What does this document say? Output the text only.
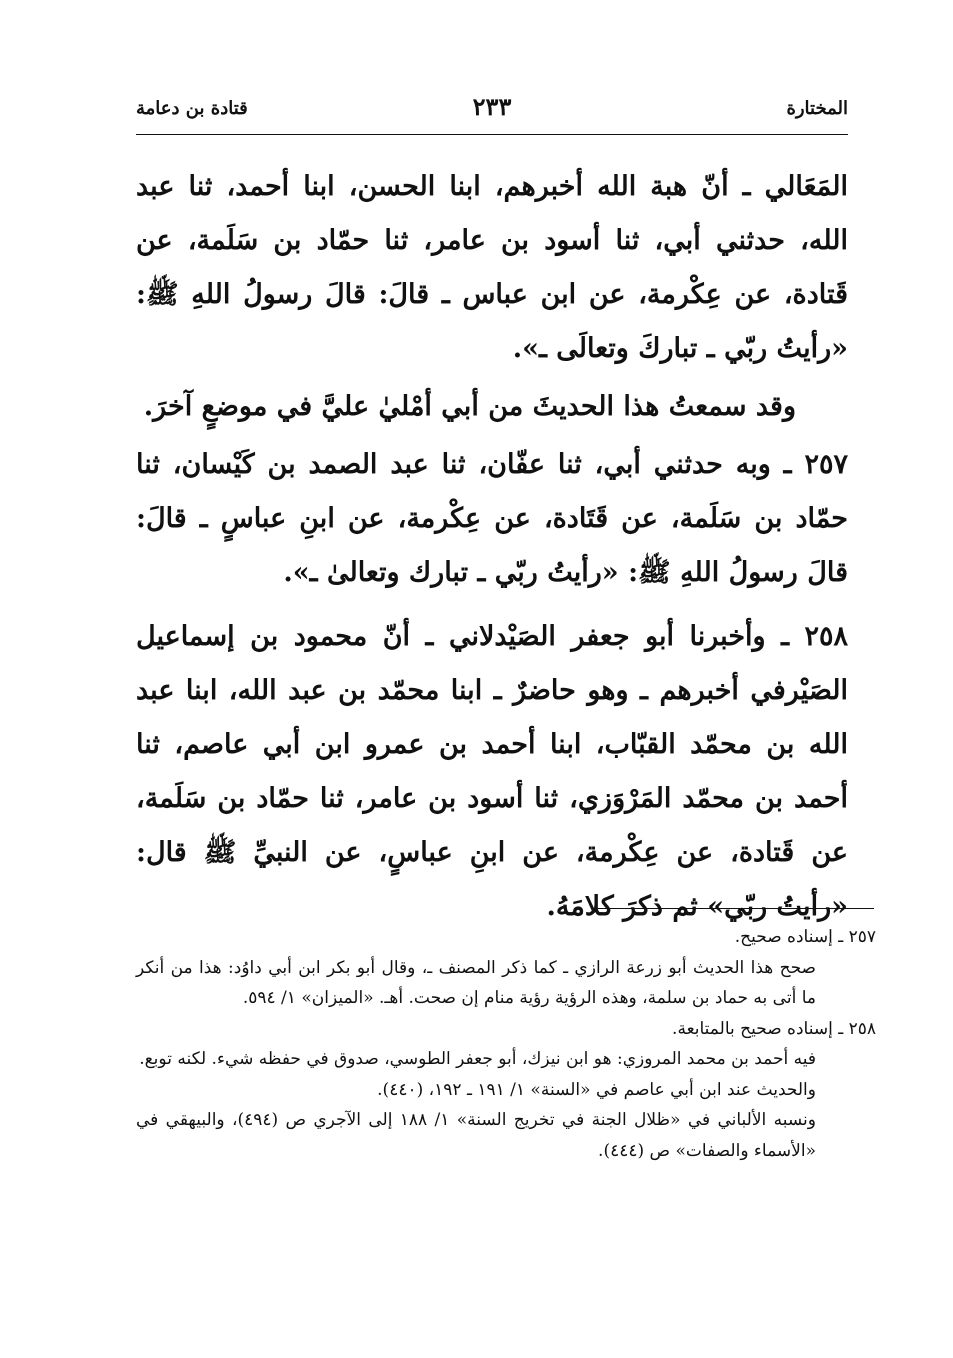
المختارة
٢٣٣
قتادة بن دعامة

المَعَالي ـ أنّ هبة الله أخبرهم، ابنا الحسن، ابنا أحمد، ثنا عبد الله، حدثني أبي، ثنا أسود بن عامر، ثنا حمّاد بن سَلَمة، عن قَتادة، عن عِكْرمة، عن ابن عباس ـ قالَ: قالَ رسولُ اللهِ ﷺ: «رأيتُ ربّي ـ تباركَ وتعالَى ـ».

وقد سمعتُ هذا الحديثَ من أبي أمْليٰ عليَّ في موضعٍ آخرَ.

٢٥٧ ـ وبه حدثني أبي، ثنا عفّان، ثنا عبد الصمد بن كَيْسان، ثنا حمّاد بن سَلَمة، عن قَتَادة، عن عِكْرمة، عن ابنِ عباسٍ ـ قالَ: قالَ رسولُ اللهِ ﷺ: «رأيتُ ربّي ـ تبارك وتعالىٰ ـ».

٢٥٨ ـ وأخبرنا أبو جعفر الصَيْدلاني ـ أنّ محمود بن إسماعيل الصَيْرفي أخبرهم ـ وهو حاضرٌ ـ ابنا محمّد بن عبد الله، ابنا عبد الله بن محمّد القبّاب، ابنا أحمد بن عمرو ابن أبي عاصم، ثنا أحمد بن محمّد المَرْوَزي، ثنا أسود بن عامر، ثنا حمّاد بن سَلَمة، عن قَتادة، عن عِكْرمة، عن ابنِ عباسٍ، عن النبيِّ ﷺ قال: «رأيتُ ربّي» ثم ذكرَ كلامَهُ.

٢٥٧ ـ إسناده صحيح.

صحح هذا الحديث أبو زرعة الرازي ـ كما ذكر المصنف ـ، وقال أبو بكر ابن أبي داوُد: هذا من أنكر ما أتى به حماد بن سلمة، وهذه الرؤية رؤية منام إن صحت. أهـ. «الميزان» ١/ ٥٩٤.

٢٥٨ ـ إسناده صحيح بالمتابعة.

فيه أحمد بن محمد المروزي: هو ابن نيزك، أبو جعفر الطوسي، صدوق في حفظه شيء. لكنه توبع.

والحديث عند ابن أبي عاصم في «السنة» ١/ ١٩١ ـ ١٩٢، (٤٤٠).

ونسبه الألباني في «ظلال الجنة في تخريج السنة» ١/ ١٨٨ إلى الآجري ص (٤٩٤)، والبيهقي في «الأسماء والصفات» ص (٤٤٤).
